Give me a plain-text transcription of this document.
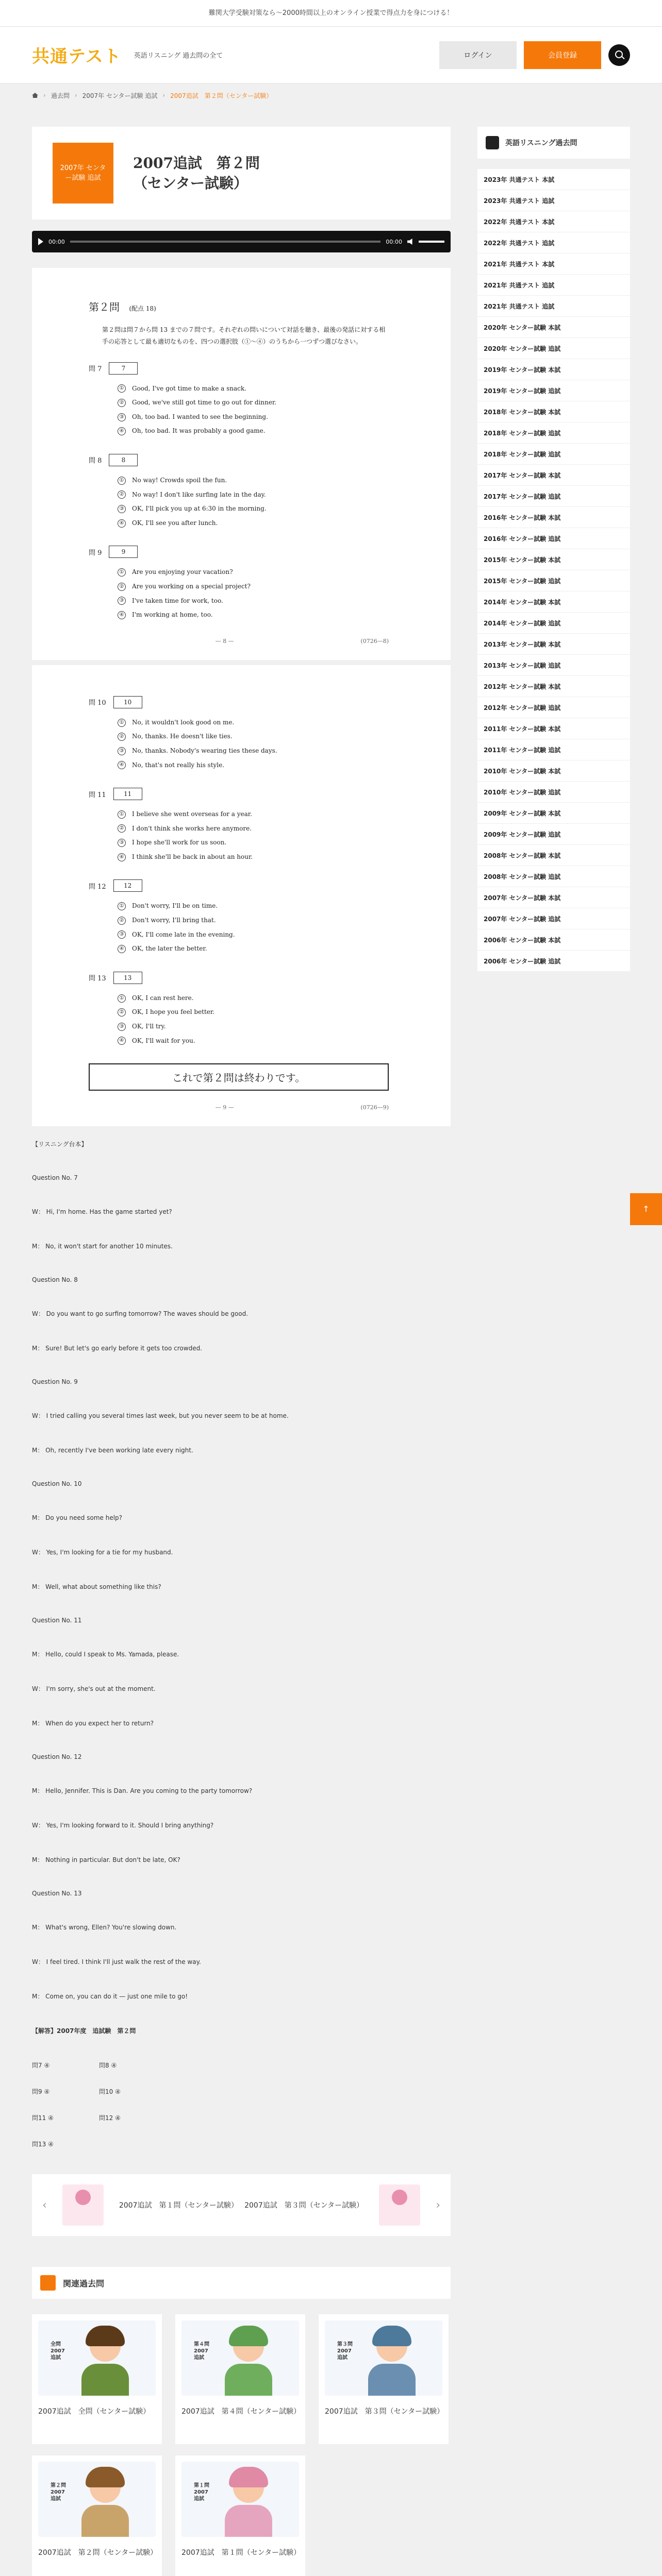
難関大学受験対策なら〜2000時間以上のオンライン授業で得点力を身につける！
共通テスト 英語リスニング 過去問の全て	ログイン	会員登録
› 過去問 › 2007年 センター試験 追試 › 2007追試　第２問（センター試験）
2007年 センター試験 追試
2007追試　第２問
（センター試験）
00:00	00:00
第２問 (配点 18)

第２問は問７から問 13 までの７問です。それぞれの問いについて対話を聴き、最後の発話に対する相手の応答として最も適切なものを、四つの選択肢（①〜④）のうちから一つずつ選びなさい。

問 7	7
① Good, I've got time to make a snack.
② Good, we've still got time to go out for dinner.
③ Oh, too bad. I wanted to see the beginning.
④ Oh, too bad. It was probably a good game.
問 8	8
① No way! Crowds spoil the fun.
② No way! I don't like surfing late in the day.
③ OK, I'll pick you up at 6:30 in the morning.
④ OK, I'll see you after lunch.
問 9	9
① Are you enjoying your vacation?
② Are you working on a special project?
③ I've taken time for work, too.
④ I'm working at home, too.
— 8 —	(0726—8)
問 10	10
① No, it wouldn't look good on me.
② No, thanks. He doesn't like ties.
③ No, thanks. Nobody's wearing ties these days.
④ No, that's not really his style.
問 11	11
① I believe she went overseas for a year.
② I don't think she works here anymore.
③ I hope she'll work for us soon.
④ I think she'll be back in about an hour.
問 12	12
① Don't worry, I'll be on time.
② Don't worry, I'll bring that.
③ OK, I'll come late in the evening.
④ OK, the later the better.
問 13	13
① OK, I can rest here.
② OK, I hope you feel better.
③ OK, I'll try.
④ OK, I'll wait for you.
これで第２問は終わりです。
— 9 —	(0726—9)

【リスニング台本】

Question No. 7

W： Hi, I'm home. Has the game started yet?

M： No, it won't start for another 10 minutes.

Question No. 8

W： Do you want to go surfing tomorrow? The waves should be good.

M： Sure! But let's go early before it gets too crowded.

Question No. 9

W： I tried calling you several times last week, but you never seem to be at home.

M： Oh, recently I've been working late every night.

Question No. 10

M： Do you need some help?

W： Yes, I'm looking for a tie for my husband.

M： Well, what about something like this?

Question No. 11

M： Hello, could I speak to Ms. Yamada, please.

W： I'm sorry, she's out at the moment.

M： When do you expect her to return?

Question No. 12

M： Hello, Jennifer. This is Dan. Are you coming to the party tomorrow?

W： Yes, I'm looking forward to it. Should I bring anything?

M： Nothing in particular. But don't be late, OK?

Question No. 13

M： What's wrong, Ellen? You're slowing down.

W： I feel tired. I think I'll just walk the rest of the way.

M： Come on, you can do it — just one mile to go!

【解答】2007年度　追試験　第２問

問7 ④	問8 ④
問9 ④	問10 ④
問11 ④	問12 ④
問13 ④
‹	2007追試　第１問（センター試験） 2007追試　第３問（センター試験）	›
関連過去問
全問
2007
追試
2007追試　全問（センター試験）
第４問
2007
追試
2007追試　第４問（センター試験）
第３問
2007
追試
2007追試　第３問（センター試験）
第２問
2007
追試
2007追試　第２問（センター試験）
第１問
2007
追試
2007追試　第１問（センター試験）
英語リスニング過去問
2023年 共通テスト 本試
2023年 共通テスト 追試
2022年 共通テスト 本試
2022年 共通テスト 追試
2021年 共通テスト 本試
2021年 共通テスト 追試
2021年 共通テスト 追試
2020年 センター試験 本試
2020年 センター試験 追試
2019年 センター試験 本試
2019年 センター試験 追試
2018年 センター試験 本試
2018年 センター試験 追試
2018年 センター試験 追試
2017年 センター試験 本試
2017年 センター試験 追試
2016年 センター試験 本試
2016年 センター試験 追試
2015年 センター試験 本試
2015年 センター試験 追試
2014年 センター試験 本試
2014年 センター試験 追試
2013年 センター試験 本試
2013年 センター試験 追試
2012年 センター試験 本試
2012年 センター試験 追試
2011年 センター試験 本試
2011年 センター試験 追試
2010年 センター試験 本試
2010年 センター試験 追試
2009年 センター試験 本試
2009年 センター試験 追試
2008年 センター試験 本試
2008年 センター試験 追試
2007年 センター試験 本試
2007年 センター試験 追試
2006年 センター試験 本試
2006年 センター試験 追試
↑
